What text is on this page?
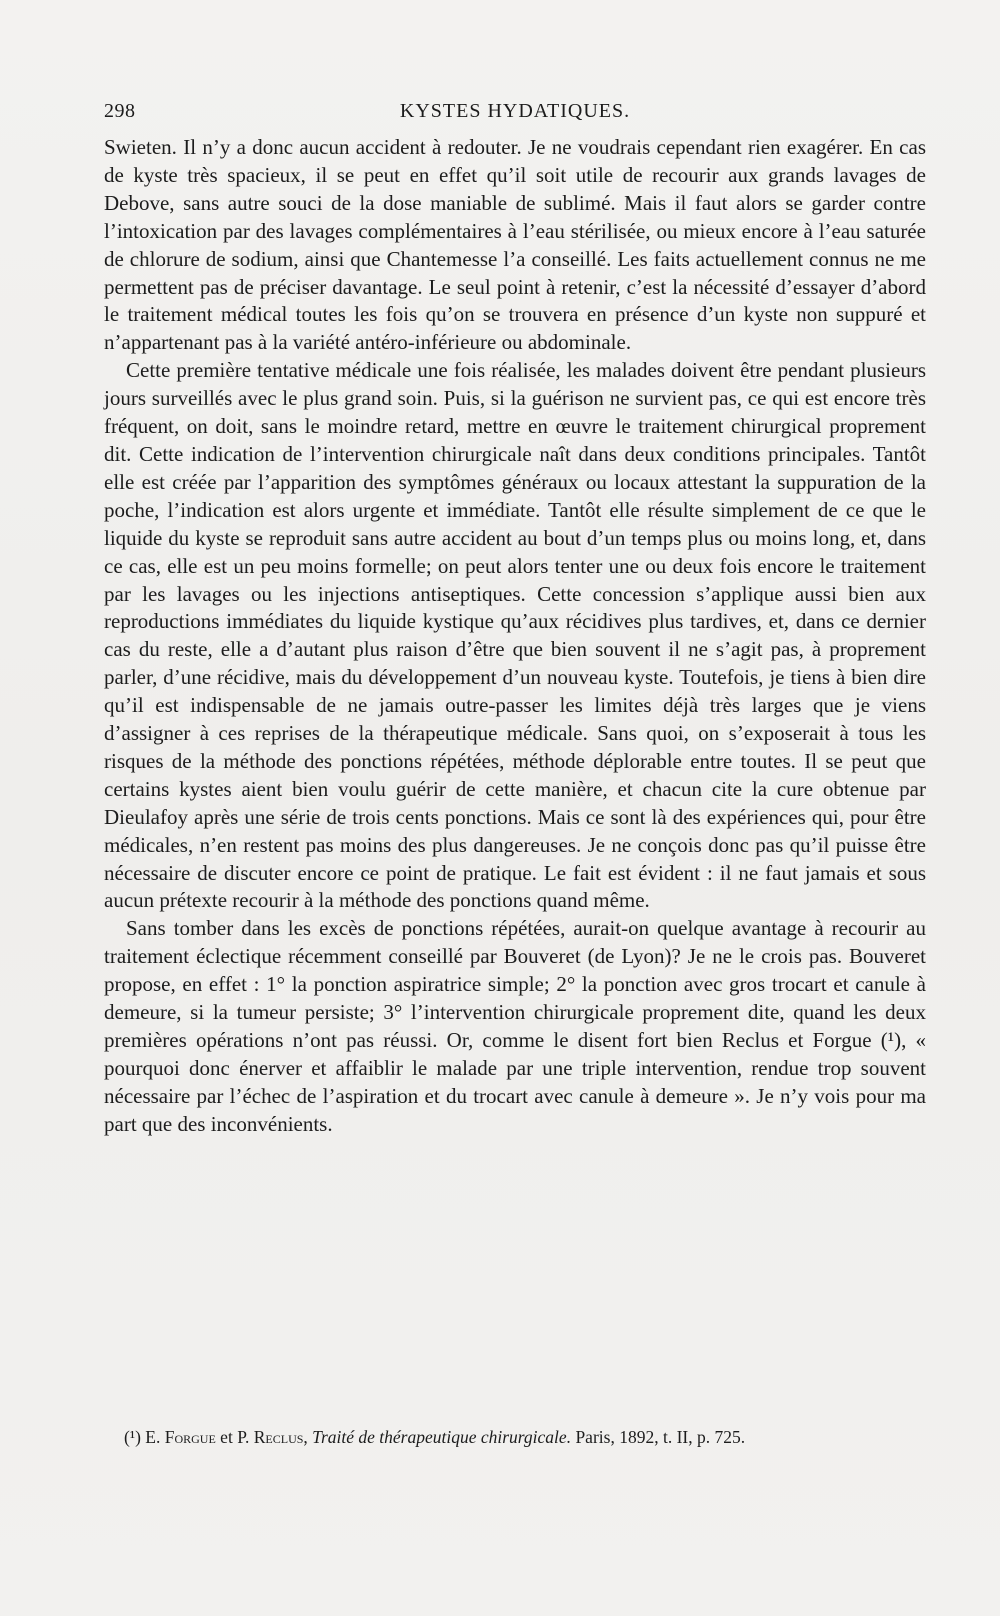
298	KYSTES HYDATIQUES.

Swieten. Il n’y a donc aucun accident à redouter. Je ne voudrais cependant rien exagérer. En cas de kyste très spacieux, il se peut en effet qu’il soit utile de recourir aux grands lavages de Debove, sans autre souci de la dose maniable de sublimé. Mais il faut alors se garder contre l’intoxication par des lavages complémentaires à l’eau stérilisée, ou mieux encore à l’eau saturée de chlorure de sodium, ainsi que Chantemesse l’a conseillé. Les faits actuellement connus ne me permettent pas de préciser davantage. Le seul point à retenir, c’est la nécessité d’essayer d’abord le traitement médical toutes les fois qu’on se trouvera en présence d’un kyste non suppuré et n’appartenant pas à la variété antéro-inférieure ou abdominale.

Cette première tentative médicale une fois réalisée, les malades doivent être pendant plusieurs jours surveillés avec le plus grand soin. Puis, si la guérison ne survient pas, ce qui est encore très fréquent, on doit, sans le moindre retard, mettre en œuvre le traitement chirurgical proprement dit. Cette indication de l’intervention chirurgicale naît dans deux conditions principales. Tantôt elle est créée par l’apparition des symptômes généraux ou locaux attestant la suppuration de la poche, l’indication est alors urgente et immédiate. Tantôt elle résulte simplement de ce que le liquide du kyste se reproduit sans autre accident au bout d’un temps plus ou moins long, et, dans ce cas, elle est un peu moins formelle; on peut alors tenter une ou deux fois encore le traitement par les lavages ou les injections antiseptiques. Cette concession s’applique aussi bien aux reproductions immédiates du liquide kystique qu’aux récidives plus tardives, et, dans ce dernier cas du reste, elle a d’autant plus raison d’être que bien souvent il ne s’agit pas, à proprement parler, d’une récidive, mais du développement d’un nouveau kyste. Toutefois, je tiens à bien dire qu’il est indispensable de ne jamais outre-passer les limites déjà très larges que je viens d’assigner à ces reprises de la thérapeutique médicale. Sans quoi, on s’exposerait à tous les risques de la méthode des ponctions répétées, méthode déplorable entre toutes. Il se peut que certains kystes aient bien voulu guérir de cette manière, et chacun cite la cure obtenue par Dieulafoy après une série de trois cents ponctions. Mais ce sont là des expériences qui, pour être médicales, n’en restent pas moins des plus dangereuses. Je ne conçois donc pas qu’il puisse être nécessaire de discuter encore ce point de pratique. Le fait est évident : il ne faut jamais et sous aucun prétexte recourir à la méthode des ponctions quand même.

Sans tomber dans les excès de ponctions répétées, aurait-on quelque avantage à recourir au traitement éclectique récemment conseillé par Bouveret (de Lyon)? Je ne le crois pas. Bouveret propose, en effet : 1° la ponction aspiratrice simple; 2° la ponction avec gros trocart et canule à demeure, si la tumeur persiste; 3° l’intervention chirurgicale proprement dite, quand les deux premières opérations n’ont pas réussi. Or, comme le disent fort bien Reclus et Forgue (¹), « pourquoi donc énerver et affaiblir le malade par une triple intervention, rendue trop souvent nécessaire par l’échec de l’aspiration et du trocart avec canule à demeure ». Je n’y vois pour ma part que des inconvénients.

(¹) E. Forgue et P. Reclus, Traité de thérapeutique chirurgicale. Paris, 1892, t. II, p. 725.
